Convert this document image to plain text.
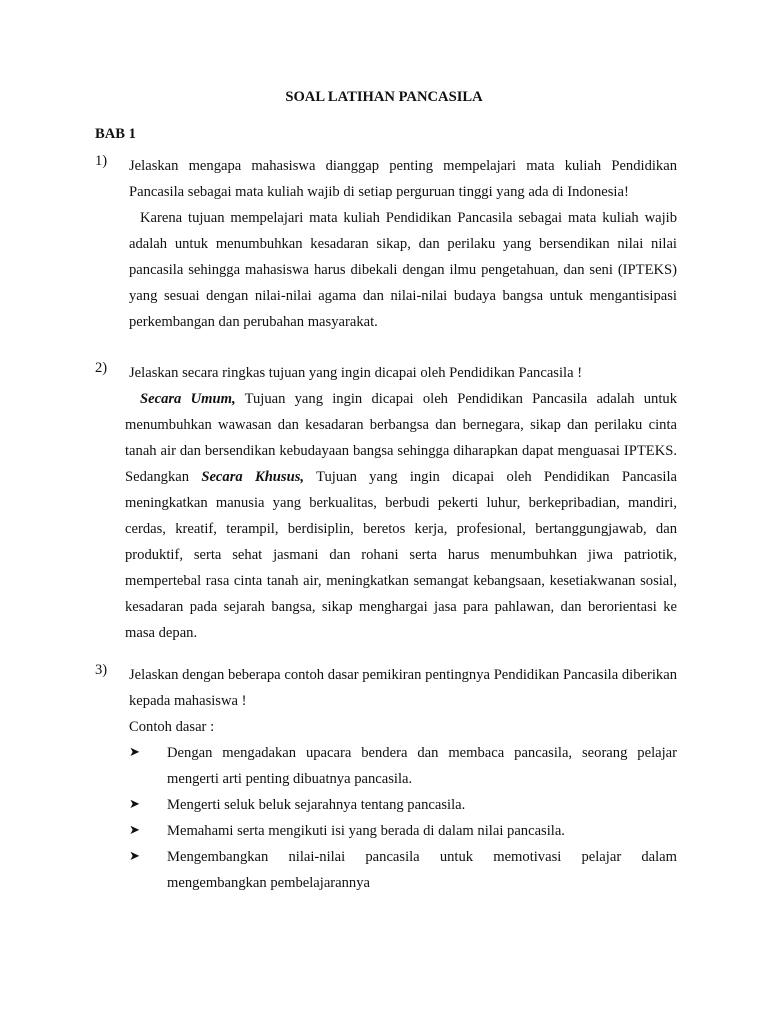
SOAL LATIHAN PANCASILA
BAB 1
1) Jelaskan mengapa mahasiswa dianggap penting mempelajari mata kuliah Pendidikan Pancasila sebagai mata kuliah wajib di setiap perguruan tinggi yang ada di Indonesia!
Karena tujuan mempelajari mata kuliah Pendidikan Pancasila sebagai mata kuliah wajib adalah untuk menumbuhkan kesadaran sikap, dan perilaku yang bersendikan nilai nilai pancasila sehingga mahasiswa harus dibekali dengan ilmu pengetahuan, dan seni (IPTEKS) yang sesuai dengan nilai-nilai agama dan nilai-nilai budaya bangsa untuk mengantisipasi perkembangan dan perubahan masyarakat.
2) Jelaskan secara ringkas tujuan yang ingin dicapai oleh Pendidikan Pancasila !
Secara Umum, Tujuan yang ingin dicapai oleh Pendidikan Pancasila adalah untuk menumbuhkan wawasan dan kesadaran berbangsa dan bernegara, sikap dan perilaku cinta tanah air dan bersendikan kebudayaan bangsa sehingga diharapkan dapat menguasai IPTEKS. Sedangkan Secara Khusus, Tujuan yang ingin dicapai oleh Pendidikan Pancasila meningkatkan manusia yang berkualitas, berbudi pekerti luhur, berkepribadian, mandiri, cerdas, kreatif, terampil, berdisiplin, beretos kerja, profesional, bertanggungjawab, dan produktif, serta sehat jasmani dan rohani serta harus menumbuhkan jiwa patriotik, mempertebal rasa cinta tanah air, meningkatkan semangat kebangsaan, kesetiakwanan sosial, kesadaran pada sejarah bangsa, sikap menghargai jasa para pahlawan, dan berorientasi ke masa depan.
3) Jelaskan dengan beberapa contoh dasar pemikiran pentingnya Pendidikan Pancasila diberikan kepada mahasiswa !
Contoh dasar :
➤ Dengan mengadakan upacara bendera dan membaca pancasila, seorang pelajar mengerti arti penting dibuatnya pancasila.
➤ Mengerti seluk beluk sejarahnya tentang pancasila.
➤ Memahami serta mengikuti isi yang berada di dalam nilai pancasila.
➤ Mengembangkan nilai-nilai pancasila untuk memotivasi pelajar dalam mengembangkan pembelajarannya
